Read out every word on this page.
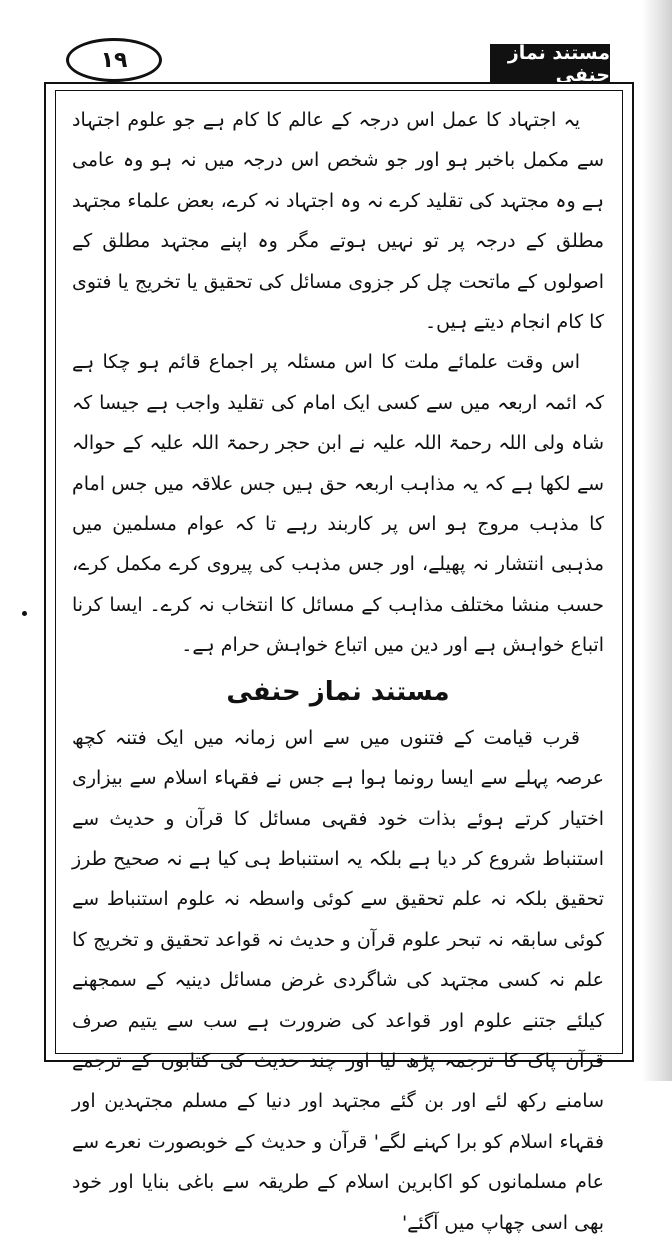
۱۹	مستند نماز حنفی

یہ اجتہاد کا عمل اس درجہ کے عالم کا کام ہے جو علوم اجتہاد سے مکمل باخبر ہو اور جو شخص اس درجہ میں نہ ہو وہ عامی ہے وہ مجتہد کی تقلید کرے نہ وہ اجتہاد نہ کرے، بعض علماء مجتہد مطلق کے درجہ پر تو نہیں ہوتے مگر وہ اپنے مجتہد مطلق کے اصولوں کے ماتحت چل کر جزوی مسائل کی تحقیق یا تخریج یا فتوی کا کام انجام دیتے ہیں۔

اس وقت علمائے ملت کا اس مسئلہ پر اجماع قائم ہو چکا ہے کہ ائمہ اربعہ میں سے کسی ایک امام کی تقلید واجب ہے جیسا کہ شاہ ولی اللہ رحمۃ اللہ علیہ نے ابن حجر رحمۃ اللہ علیہ کے حوالہ سے لکھا ہے کہ یہ مذاہب اربعہ حق ہیں جس علاقہ میں جس امام کا مذہب مروج ہو اس پر کاربند رہے تا کہ عوام مسلمین میں مذہبی انتشار نہ پھیلے، اور جس مذہب کی پیروی کرے مکمل کرے، حسب منشا مختلف مذاہب کے مسائل کا انتخاب نہ کرے۔ ایسا کرنا اتباع خواہش ہے اور دین میں اتباع خواہش حرام ہے۔

مستند نماز حنفی

قرب قیامت کے فتنوں میں سے اس زمانہ میں ایک فتنہ کچھ عرصہ پہلے سے ایسا رونما ہوا ہے جس نے فقہاء اسلام سے بیزاری اختیار کرتے ہوئے بذات خود فقہی مسائل کا قرآن و حدیث سے استنباط شروع کر دیا ہے بلکہ یہ استنباط ہی کیا ہے نہ صحیح طرز تحقیق بلکہ نہ علم تحقیق سے کوئی واسطہ نہ علوم استنباط سے کوئی سابقہ نہ تبحر علوم قرآن و حدیث نہ قواعد تحقیق و تخریج کا علم نہ کسی مجتہد کی شاگردی غرض مسائل دینیہ کے سمجھنے کیلئے جتنے علوم اور قواعد کی ضرورت ہے سب سے یتیم صرف قرآن پاک کا ترجمہ پڑھ لیا اور چند حدیث کی کتابوں کے ترجمے سامنے رکھ لئے اور بن گئے مجتہد اور دنیا کے مسلم مجتہدین اور فقہاء اسلام کو برا کہنے لگے' قرآن و حدیث کے خوبصورت نعرے سے عام مسلمانوں کو اکابرین اسلام کے طریقہ سے باغی بنایا اور خود بھی اسی چھاپ میں آگئے'
